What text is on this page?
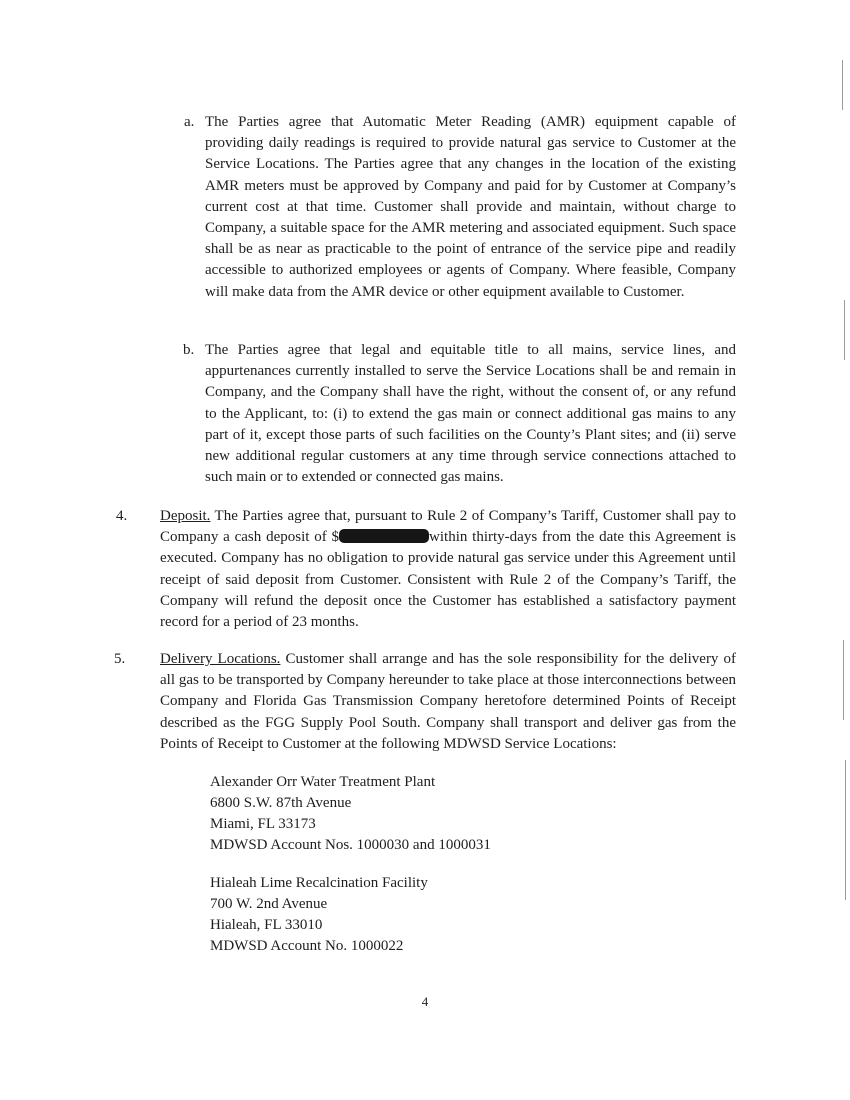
a. The Parties agree that Automatic Meter Reading (AMR) equipment capable of providing daily readings is required to provide natural gas service to Customer at the Service Locations. The Parties agree that any changes in the location of the existing AMR meters must be approved by Company and paid for by Customer at Company’s current cost at that time. Customer shall provide and maintain, without charge to Company, a suitable space for the AMR metering and associated equipment. Such space shall be as near as practicable to the point of entrance of the service pipe and readily accessible to authorized employees or agents of Company. Where feasible, Company will make data from the AMR device or other equipment available to Customer.

b. The Parties agree that legal and equitable title to all mains, service lines, and appurtenances currently installed to serve the Service Locations shall be and remain in Company, and the Company shall have the right, without the consent of, or any refund to the Applicant, to: (i) to extend the gas main or connect additional gas mains to any part of it, except those parts of such facilities on the County’s Plant sites; and (ii) serve new additional regular customers at any time through service connections attached to such main or to extended or connected gas mains.

4. Deposit. The Parties agree that, pursuant to Rule 2 of Company’s Tariff, Customer shall pay to Company a cash deposit of $	within thirty-days from the date this Agreement is executed. Company has no obligation to provide natural gas service under this Agreement until receipt of said deposit from Customer. Consistent with Rule 2 of the Company’s Tariff, the Company will refund the deposit once the Customer has established a satisfactory payment record for a period of 23 months.

5. Delivery Locations. Customer shall arrange and has the sole responsibility for the delivery of all gas to be transported by Company hereunder to take place at those interconnections between Company and Florida Gas Transmission Company heretofore determined Points of Receipt described as the FGG Supply Pool South. Company shall transport and deliver gas from the Points of Receipt to Customer at the following MDWSD Service Locations:

Alexander Orr Water Treatment Plant
6800 S.W. 87th Avenue
Miami, FL 33173
MDWSD Account Nos. 1000030 and 1000031
Hialeah Lime Recalcination Facility
700 W. 2nd Avenue
Hialeah, FL 33010
MDWSD Account No. 1000022
4
